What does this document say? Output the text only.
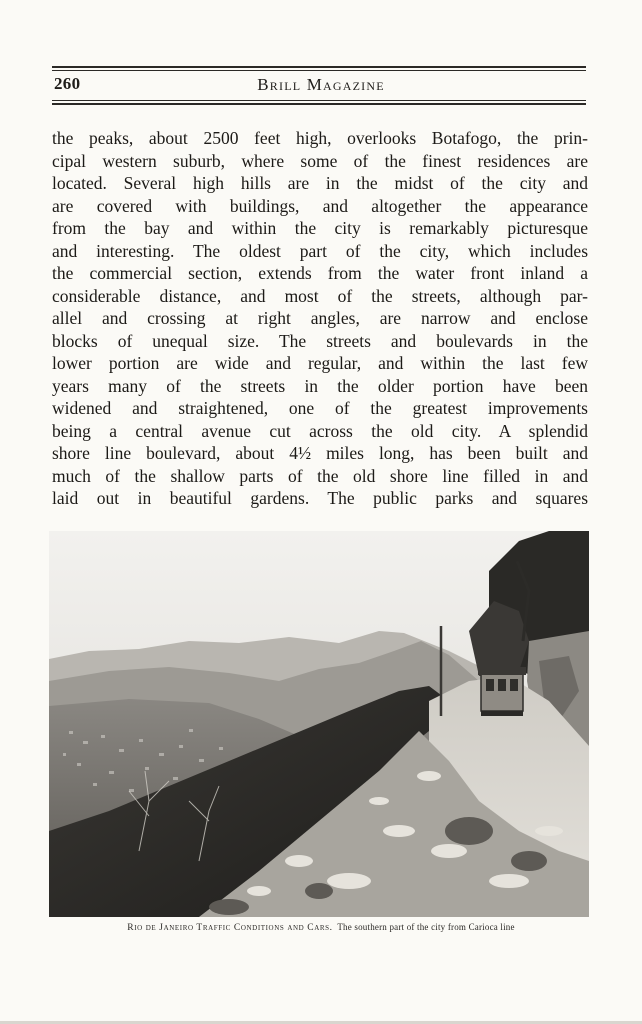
260	Brill Magazine
the peaks, about 2500 feet high, overlooks Botafogo, the prin-
cipal western suburb, where some of the finest residences are
located. Several high hills are in the midst of the city and
are covered with buildings, and altogether the appearance
from the bay and within the city is remarkably picturesque
and interesting. The oldest part of the city, which includes
the commercial section, extends from the water front inland a
considerable distance, and most of the streets, although par-
allel and crossing at right angles, are narrow and enclose
blocks of unequal size. The streets and boulevards in the
lower portion are wide and regular, and within the last few
years many of the streets in the older portion have been
widened and straightened, one of the greatest improvements
being a central avenue cut across the old city. A splendid
shore line boulevard, about 4½ miles long, has been built and
much of the shallow parts of the old shore line filled in and
laid out in beautiful gardens. The public parks and squares
Rio de Janeiro Traffic Conditions and Cars. The southern part of the city from Carioca line
